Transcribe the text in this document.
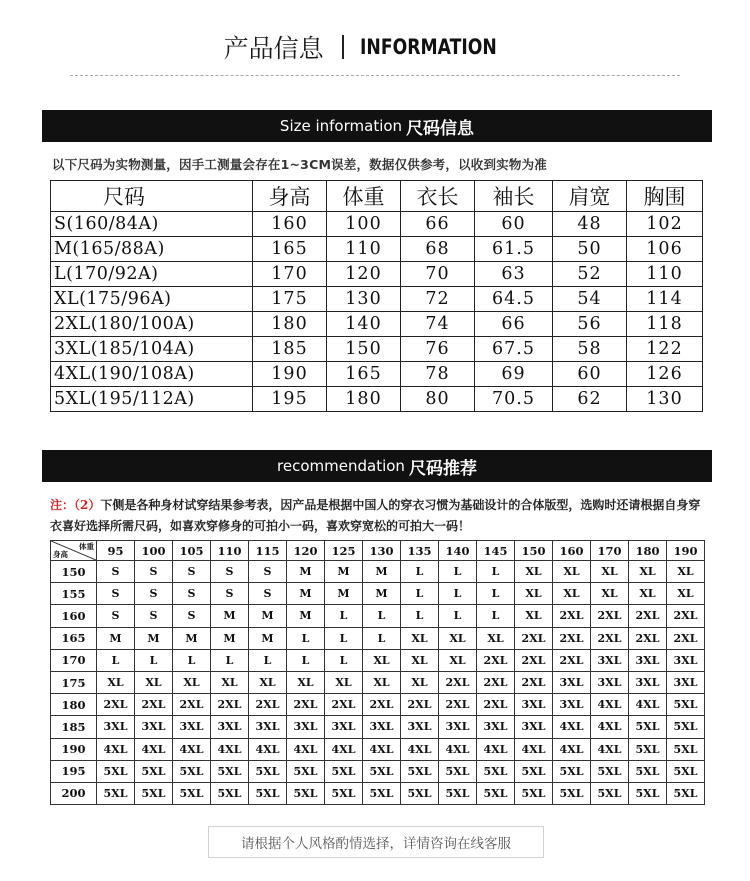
产品信息 INFORMATION
Size information 尺码信息
以下尺码为实物测量，因手工测量会存在1~3CM误差，数据仅供参考，以收到实物为准
尺码	身高	体重	衣长	袖长	肩宽	胸围
S(160/84A)	160	100	66	60	48	102
M(165/88A)	165	110	68	61.5	50	106
L(170/92A)	170	120	70	63	52	110
XL(175/96A)	175	130	72	64.5	54	114
2XL(180/100A)	180	140	74	66	56	118
3XL(185/104A)	185	150	76	67.5	58	122
4XL(190/108A)	190	165	78	69	60	126
5XL(195/112A)	195	180	80	70.5	62	130
recommendation 尺码推荐
注：（2）下侧是各种身材试穿结果参考表，因产品是根据中国人的穿衣习惯为基础设计的合体版型，选购时还请根据自身穿衣喜好选择所需尺码，如喜欢穿修身的可拍小一码，喜欢穿宽松的可拍大一码！
体重
身高	95	100	105	110	115	120	125	130	135	140	145	150	160	170	180	190
150	S	S	S	S	S	M	M	M	L	L	L	XL	XL	XL	XL	XL
155	S	S	S	S	S	M	M	M	L	L	L	XL	XL	XL	XL	XL
160	S	S	S	M	M	M	L	L	L	L	L	XL	2XL	2XL	2XL	2XL
165	M	M	M	M	M	L	L	L	XL	XL	XL	2XL	2XL	2XL	2XL	2XL
170	L	L	L	L	L	L	L	XL	XL	XL	2XL	2XL	2XL	3XL	3XL	3XL
175	XL	XL	XL	XL	XL	XL	XL	XL	XL	2XL	2XL	2XL	3XL	3XL	3XL	3XL
180	2XL	2XL	2XL	2XL	2XL	2XL	2XL	2XL	2XL	2XL	2XL	3XL	3XL	4XL	4XL	5XL
185	3XL	3XL	3XL	3XL	3XL	3XL	3XL	3XL	3XL	3XL	3XL	3XL	4XL	4XL	5XL	5XL
190	4XL	4XL	4XL	4XL	4XL	4XL	4XL	4XL	4XL	4XL	4XL	4XL	4XL	4XL	5XL	5XL
195	5XL	5XL	5XL	5XL	5XL	5XL	5XL	5XL	5XL	5XL	5XL	5XL	5XL	5XL	5XL	5XL
200	5XL	5XL	5XL	5XL	5XL	5XL	5XL	5XL	5XL	5XL	5XL	5XL	5XL	5XL	5XL	5XL
请根据个人风格酌情选择，详情咨询在线客服
